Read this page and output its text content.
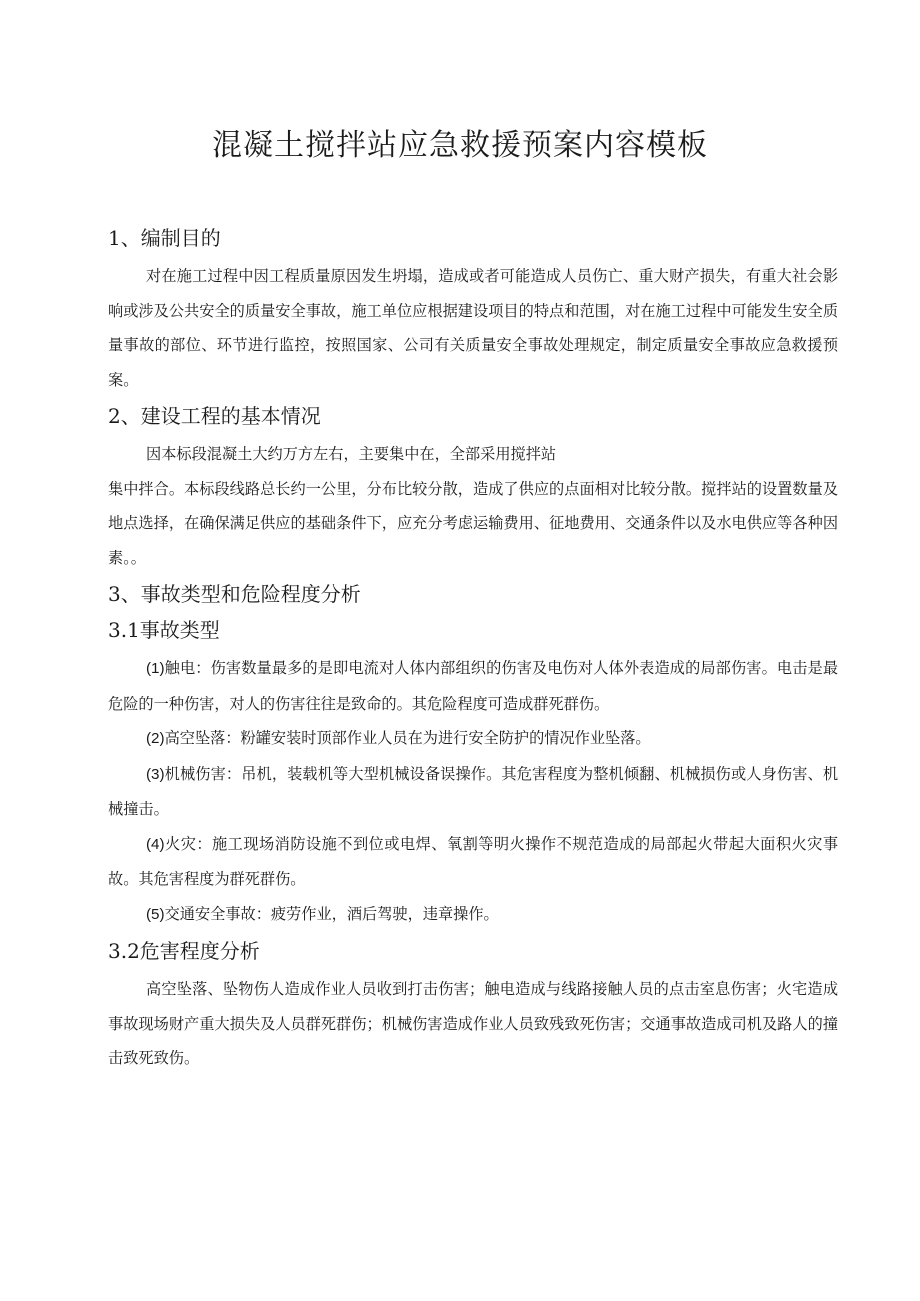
混凝土搅拌站应急救援预案内容模板
1、编制目的

对在施工过程中因工程质量原因发生坍塌，造成或者可能造成人员伤亡、重大财产损失，有重大社会影响或涉及公共安全的质量安全事故，施工单位应根据建设项目的特点和范围，对在施工过程中可能发生安全质量事故的部位、环节进行监控，按照国家、公司有关质量安全事故处理规定，制定质量安全事故应急救援预案。

2、建设工程的基本情况

因本标段混凝土大约万方左右，主要集中在，全部采用搅拌站

集中拌合。本标段线路总长约一公里，分布比较分散，造成了供应的点面相对比较分散。搅拌站的设置数量及地点选择，在确保满足供应的基础条件下，应充分考虑运输费用、征地费用、交通条件以及水电供应等各种因素。。

3、事故类型和危险程度分析
3.1事故类型

(1)触电：伤害数量最多的是即电流对人体内部组织的伤害及电伤对人体外表造成的局部伤害。电击是最危险的一种伤害，对人的伤害往往是致命的。其危险程度可造成群死群伤。

(2)高空坠落：粉罐安装时顶部作业人员在为进行安全防护的情况作业坠落。

(3)机械伤害：吊机，装载机等大型机械设备误操作。其危害程度为整机倾翻、机械损伤或人身伤害、机械撞击。

(4)火灾：施工现场消防设施不到位或电焊、氧割等明火操作不规范造成的局部起火带起大面积火灾事故。其危害程度为群死群伤。

(5)交通安全事故：疲劳作业，酒后驾驶，违章操作。

3.2危害程度分析

高空坠落、坠物伤人造成作业人员收到打击伤害；触电造成与线路接触人员的点击室息伤害；火宅造成事故现场财产重大损失及人员群死群伤；机械伤害造成作业人员致残致死伤害；交通事故造成司机及路人的撞击致死致伤。
